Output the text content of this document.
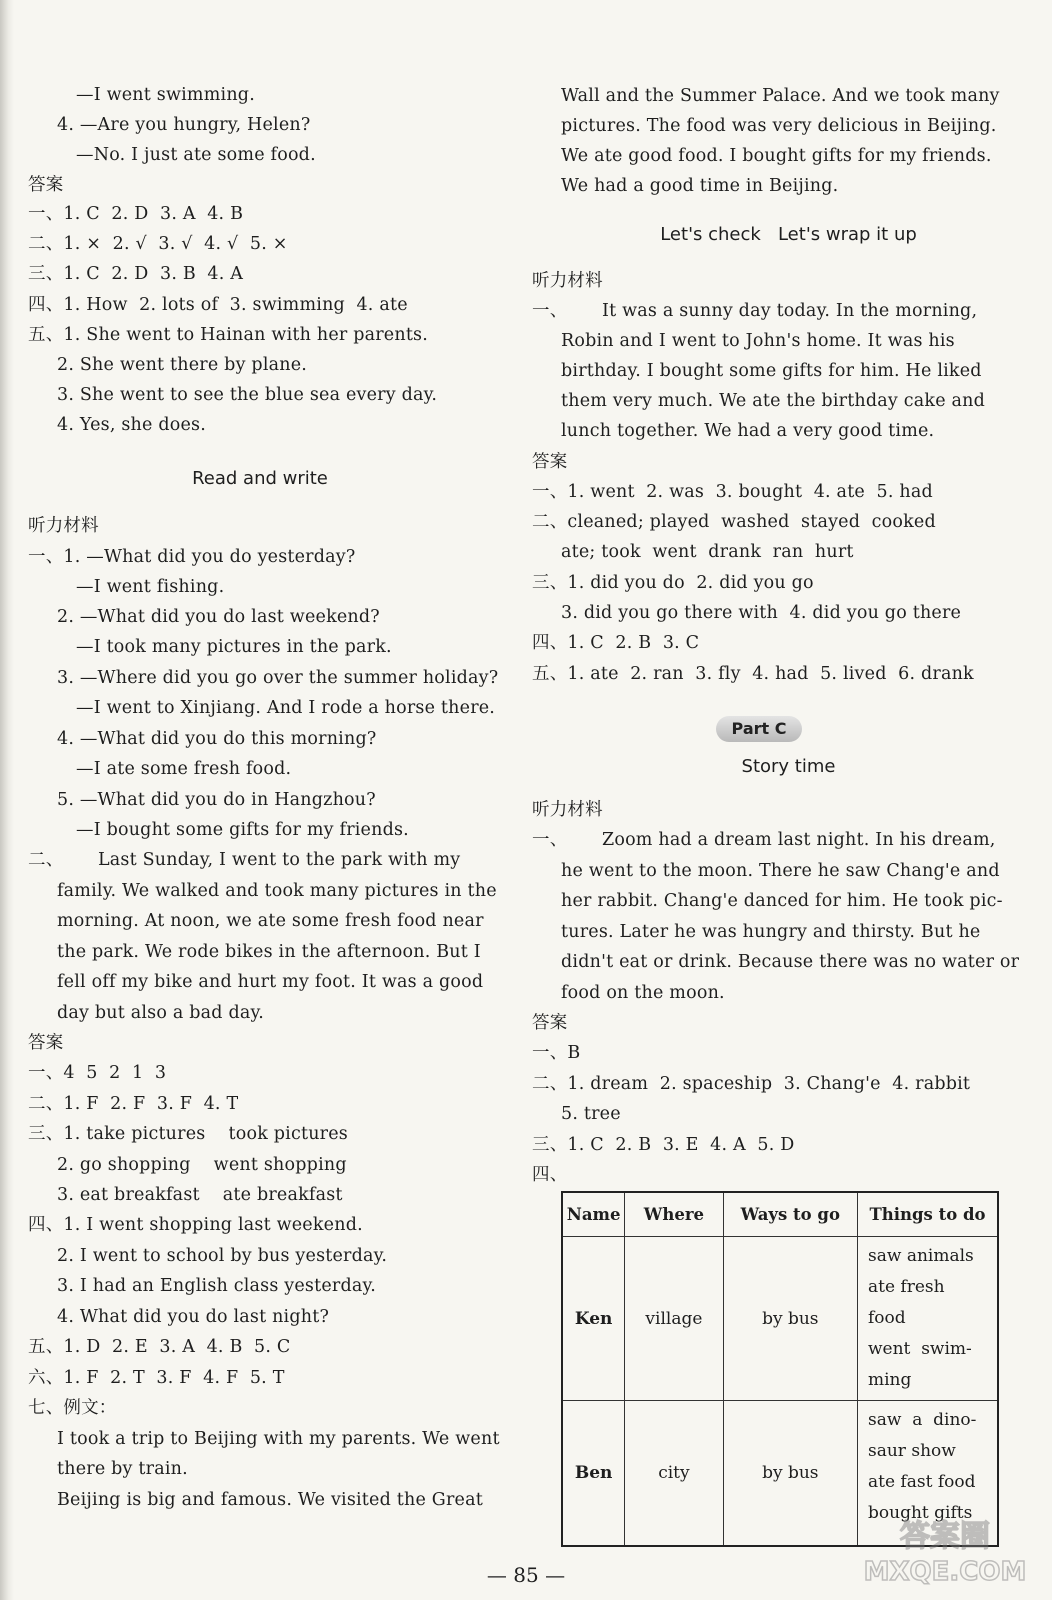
—I went swimming.
4. —Are you hungry, Helen?
—No. I just ate some food.
答案
一、1. C  2. D  3. A  4. B
二、1. ×  2. √  3. √  4. √  5. ×
三、1. C  2. D  3. B  4. A
四、1. How  2. lots of  3. swimming  4. ate
五、1. She went to Hainan with her parents.
2. She went there by plane.
3. She went to see the blue sea every day.
4. Yes, she does.
Read and write
听力材料
一、1. —What did you do yesterday?
—I went fishing.
2. —What did you do last weekend?
—I took many pictures in the park.
3. —Where did you go over the summer holiday?
—I went to Xinjiang. And I rode a horse there.
4. —What did you do this morning?
—I ate some fresh food.
5. —What did you do in Hangzhou?
—I bought some gifts for my friends.
二、      Last Sunday, I went to the park with my
family. We walked and took many pictures in the
morning. At noon, we ate some fresh food near
the park. We rode bikes in the afternoon. But I
fell off my bike and hurt my foot. It was a good
day but also a bad day.
答案
一、4  5  2  1  3
二、1. F  2. F  3. F  4. T
三、1. take pictures    took pictures
2. go shopping    went shopping
3. eat breakfast    ate breakfast
四、1. I went shopping last weekend.
2. I went to school by bus yesterday.
3. I had an English class yesterday.
4. What did you do last night?
五、1. D  2. E  3. A  4. B  5. C
六、1. F  2. T  3. F  4. F  5. T
七、例文：
I took a trip to Beijing with my parents. We went
there by train.
Beijing is big and famous. We visited the Great
Wall and the Summer Palace. And we took many
pictures. The food was very delicious in Beijing.
We ate good food. I bought gifts for my friends.
We had a good time in Beijing.
Let's check   Let's wrap it up
听力材料
一、      It was a sunny day today. In the morning,
Robin and I went to John's home. It was his
birthday. I bought some gifts for him. He liked
them very much. We ate the birthday cake and
lunch together. We had a very good time.
答案
一、1. went  2. was  3. bought  4. ate  5. had
二、cleaned; played  washed  stayed  cooked
ate; took  went  drank  ran  hurt
三、1. did you do  2. did you go
3. did you go there with  4. did you go there
四、1. C  2. B  3. C
五、1. ate  2. ran  3. fly  4. had  5. lived  6. drank
Part C
Story time
听力材料
一、      Zoom had a dream last night. In his dream,
he went to the moon. There he saw Chang'e and
her rabbit. Chang'e danced for him. He took pic-
tures. Later he was hungry and thirsty. But he
didn't eat or drink. Because there was no water or
food on the moon.
答案
一、B
二、1. dream  2. spaceship  3. Chang'e  4. rabbit
5. tree
三、1. C  2. B  3. E  4. A  5. D
四、
Name	Where	Ways to go	Things to do
Ken	village	by bus	saw animals
ate fresh
food
went  swim-
ming

Ben	city	by bus	saw  a  dino-
saur show
ate fast food
bought gifts
— 85 —
答案圈
MXQE.COM
